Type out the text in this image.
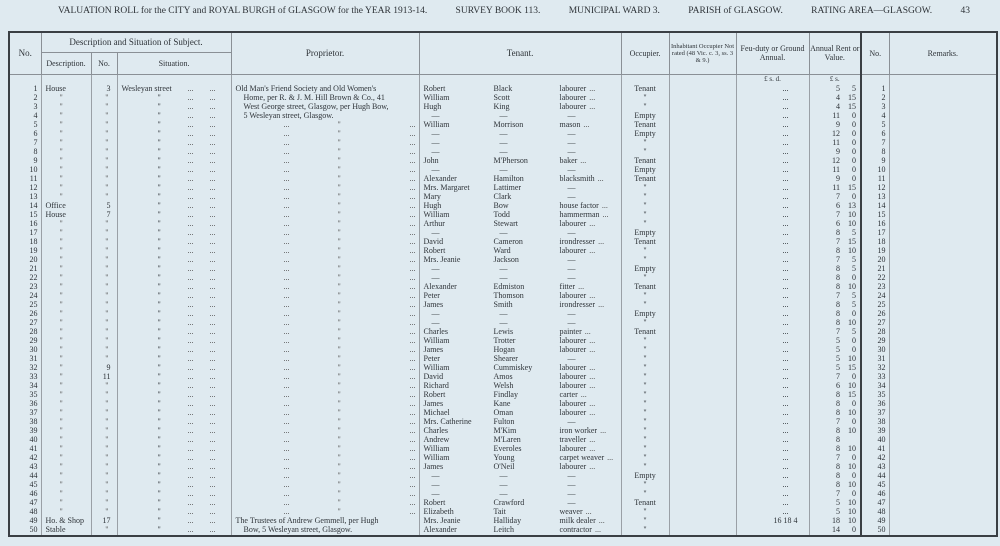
VALUATION ROLL for the CITY and ROYAL BURGH of GLASGOW for the YEAR 1913-14.	SURVEY BOOK 113.	MUNICIPAL WARD 3.	PARISH of GLASGOW.	RATING AREA—GLASGOW.	43
No.	Description and Situation of Subject.			Proprietor.	Tenant.	Occupier.	Inhabitant Occupier Not rated (48 Vic. c. 3, ss. 3 & 9.)	Feu-duty or Ground Annual.	Annual Rent or Value.	No.	Remarks.
	Description.	No.	Situation.								
								£ s. d.	£ s.		
1	House	3	Wesleyan street ... ...	Old Man's Friend Society and Old Women's
Home, per R. & J. M. Hill Brown & Co., 41
West George street, Glasgow, per Hugh Bow,
5 Wesleyan street, Glasgow.	Robert Black labourer ...	Tenant		...	5 5	1	
2	"	"	" ... ...		William Scott labourer ...	"		...	4 15	2	
3	"	"	" ... ...		Hugh King labourer ...	"		...	4 15	3	
4	"	"	" ... ...		— — —	Empty		...	11 0	4	
5	"	"	" ... ...	... " ...	William Morrison mason ...	Tenant		...	9 0	5	
6	"	"	" ... ...	... " ...	— — —	Empty		...	12 0	6	
7	"	"	" ... ...	... " ...	— — —	"		...	11 0	7	
8	"	"	" ... ...	... " ...	— — —	"		...	9 0	8	
9	"	"	" ... ...	... " ...	John M'Pherson baker ...	Tenant		...	12 0	9	
10	"	"	" ... ...	... " ...	— — —	Empty		...	11 0	10	
11	"	"	" ... ...	... " ...	Alexander Hamilton blacksmith ...	Tenant		...	9 0	11	
12	"	"	" ... ...	... " ...	Mrs. Margaret Lattimer —	"		...	11 15	12	
13	"	"	" ... ...	... " ...	Mary Clark —	"		...	7 0	13	
14	Office	5	" ... ...	... " ...	Hugh Bow house factor ...	"		...	6 13	14	
15	House	7	" ... ...	... " ...	William Todd hammerman ...	"		...	7 10	15	
16	"	"	" ... ...	... " ...	Arthur Stewart labourer ...	"		...	6 10	16	
17	"	"	" ... ...	... " ...	— — —	Empty		...	8 5	17	
18	"	"	" ... ...	... " ...	David Cameron irondresser ...	Tenant		...	7 15	18	
19	"	"	" ... ...	... " ...	Robert Ward labourer ...	"		...	8 10	19	
20	"	"	" ... ...	... " ...	Mrs. Jeanie Jackson —	"		...	7 5	20	
21	"	"	" ... ...	... " ...	— — —	Empty		...	8 5	21	
22	"	"	" ... ...	... " ...	— — —	"		...	8 0	22	
23	"	"	" ... ...	... " ...	Alexander Edmiston fitter ...	Tenant		...	8 10	23	
24	"	"	" ... ...	... " ...	Peter Thomson labourer ...	"		...	7 5	24	
25	"	"	" ... ...	... " ...	James Smith irondresser ...	"		...	8 5	25	
26	"	"	" ... ...	... " ...	— — —	Empty		...	8 0	26	
27	"	"	" ... ...	... " ...	— — —	"		...	8 10	27	
28	"	"	" ... ...	... " ...	Charles Lewis painter ...	Tenant		...	7 5	28	
29	"	"	" ... ...	... " ...	William Trotter labourer ...	"		...	5 0	29	
30	"	"	" ... ...	... " ...	James Hogan labourer ...	"		...	5 0	30	
31	"	"	" ... ...	... " ...	Peter Shearer —	"		...	5 10	31	
32	"	9	" ... ...	... " ...	William Cummiskey labourer ...	"		...	5 15	32	
33	"	11	" ... ...	... " ...	David Amos labourer ...	"		...	7 0	33	
34	"	"	" ... ...	... " ...	Richard Welsh labourer ...	"		...	6 10	34	
35	"	"	" ... ...	... " ...	Robert Findlay carter ...	"		...	8 15	35	
36	"	"	" ... ...	... " ...	James Kane labourer ...	"		...	8 0	36	
37	"	"	" ... ...	... " ...	Michael Oman labourer ...	"		...	8 10	37	
38	"	"	" ... ...	... " ...	Mrs. Catherine Fulton —	"		...	7 0	38	
39	"	"	" ... ...	... " ...	Charles M'Kim iron worker ...	"		...	8 10	39	
40	"	"	" ... ...	... " ...	Andrew M'Laren traveller ...	"		...	8	40	
41	"	"	" ... ...	... " ...	William Everoles labourer ...	"		...	8 10	41	
42	"	"	" ... ...	... " ...	William Young carpet weaver ...	"		...	7 0	42	
43	"	"	" ... ...	... " ...	James O'Neil labourer ...	"		...	8 10	43	
44	"	"	" ... ...	... " ...	— — —	Empty		...	8 0	44	
45	"	"	" ... ...	... " ...	— — —	"		...	8 10	45	
46	"	"	" ... ...	... " ...	— — —	"		...	7 0	46	
47	"	"	" ... ...	... " ...	Robert Crawford —	Tenant		...	5 10	47	
48	"	"	" ... ...	... " ...	Elizabeth Tait weaver ...	"		...	5 10	48	
49	Ho. & Shop	17	" ... ...	The Trustees of Andrew Gemmell, per Hugh
Bow, 5 Wesleyan street, Glasgow.	Mrs. Jeanie Halliday milk dealer ...	"		16 18 4	18 10	49	
50	Stable	"	" ... ...		Alexander Leitch contractor ...	"			14 0	50	
